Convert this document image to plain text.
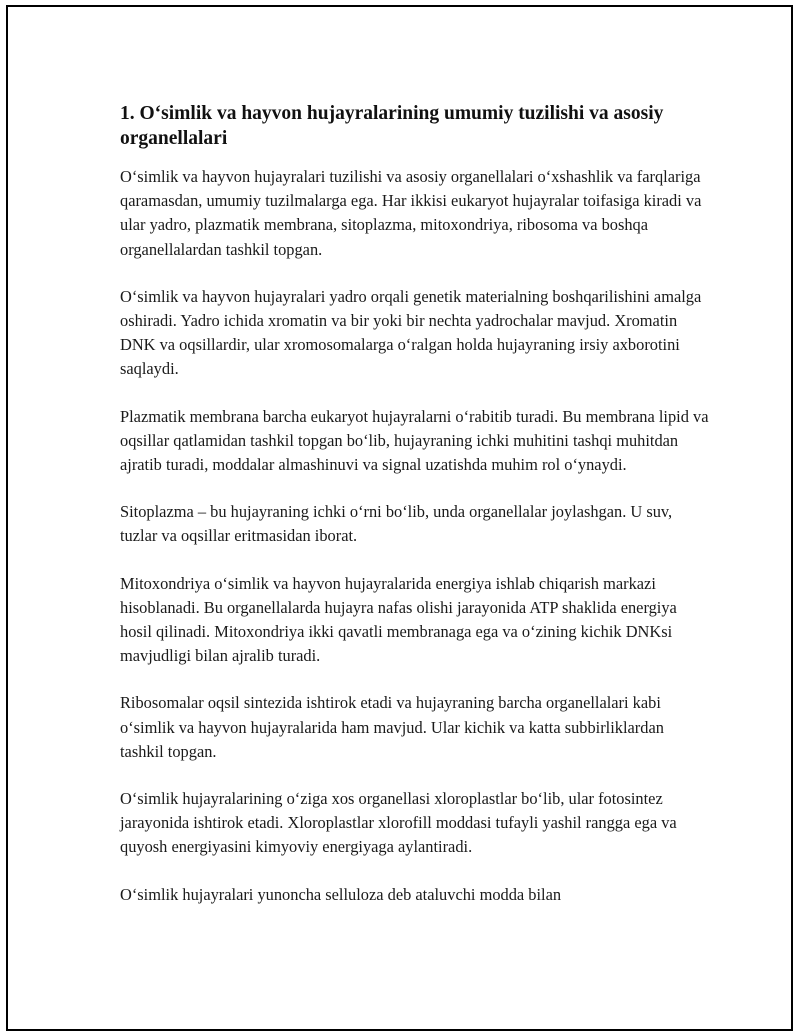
1. O‘simlik va hayvon hujayralarining umumiy tuzilishi va asosiy organellalari

O‘simlik va hayvon hujayralari tuzilishi va asosiy organellalari o‘xshashlik va farqlariga qaramasdan, umumiy tuzilmalarga ega. Har ikkisi eukaryot hujayralar toifasiga kiradi va ular yadro, plazmatik membrana, sitoplazma, mitoxondriya, ribosoma va boshqa organellalardan tashkil topgan.

O‘simlik va hayvon hujayralari yadro orqali genetik materialning boshqarilishini amalga oshiradi. Yadro ichida xromatin va bir yoki bir nechta yadrochalar mavjud. Xromatin DNK va oqsillardir, ular xromosomalarga o‘ralgan holda hujayraning irsiy axborotini saqlaydi.

Plazmatik membrana barcha eukaryot hujayralarni o‘rabitib turadi. Bu membrana lipid va oqsillar qatlamidan tashkil topgan bo‘lib, hujayraning ichki muhitini tashqi muhitdan ajratib turadi, moddalar almashinuvi va signal uzatishda muhim rol o‘ynaydi.

Sitoplazma – bu hujayraning ichki o‘rni bo‘lib, unda organellalar joylashgan. U suv, tuzlar va oqsillar eritmasidan iborat.

Mitoxondriya o‘simlik va hayvon hujayralarida energiya ishlab chiqarish markazi hisoblanadi. Bu organellalarda hujayra nafas olishi jarayonida ATP shaklida energiya hosil qilinadi. Mitoxondriya ikki qavatli membranaga ega va o‘zining kichik DNKsi mavjudligi bilan ajralib turadi.

Ribosomalar oqsil sintezida ishtirok etadi va hujayraning barcha organellalari kabi o‘simlik va hayvon hujayralarida ham mavjud. Ular kichik va katta subbirliklardan tashkil topgan.

O‘simlik hujayralarining o‘ziga xos organellasi xloroplastlar bo‘lib, ular fotosintez jarayonida ishtirok etadi. Xloroplastlar xlorofill moddasi tufayli yashil rangga ega va quyosh energiyasini kimyoviy energiyaga aylantiradi.

O‘simlik hujayralari yunoncha selluloza deb ataluvchi modda bilan
